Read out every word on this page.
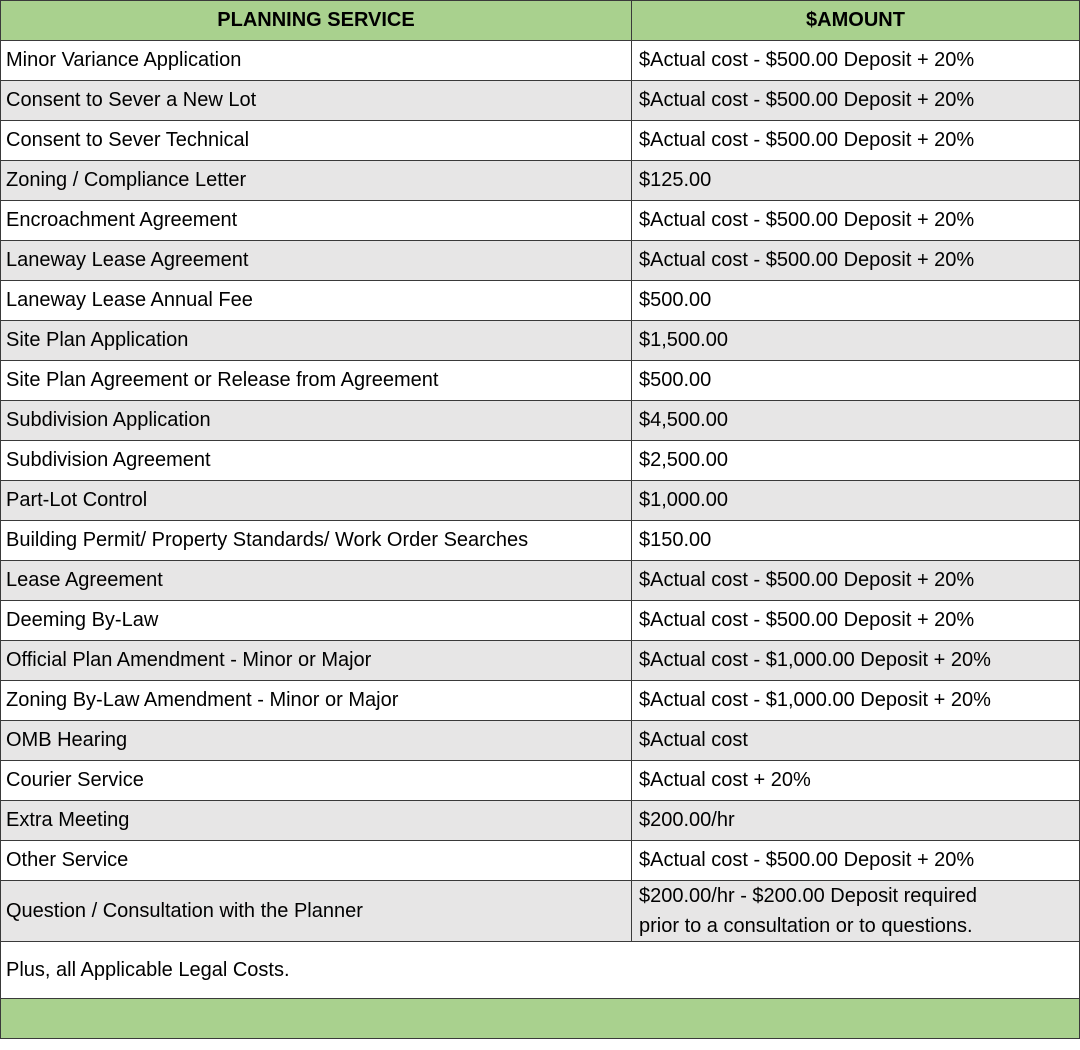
PLANNING SERVICE	$AMOUNT
Minor Variance Application	$Actual cost - $500.00 Deposit + 20%
Consent to Sever a New Lot	$Actual cost - $500.00 Deposit + 20%
Consent to Sever Technical	$Actual cost - $500.00 Deposit + 20%
Zoning / Compliance Letter	$125.00
Encroachment Agreement	$Actual cost - $500.00 Deposit + 20%
Laneway Lease Agreement	$Actual cost - $500.00 Deposit + 20%
Laneway Lease Annual Fee	$500.00
Site Plan Application	$1,500.00
Site Plan Agreement or Release from Agreement	$500.00
Subdivision Application	$4,500.00
Subdivision Agreement	$2,500.00
Part-Lot Control	$1,000.00
Building Permit/ Property Standards/ Work Order Searches	$150.00
Lease Agreement	$Actual cost - $500.00 Deposit + 20%
Deeming By-Law	$Actual cost - $500.00 Deposit + 20%
Official Plan Amendment - Minor or Major	$Actual cost - $1,000.00 Deposit + 20%
Zoning By-Law Amendment - Minor or Major	$Actual cost - $1,000.00 Deposit + 20%
OMB Hearing	$Actual cost
Courier Service	$Actual cost + 20%
Extra Meeting	$200.00/hr
Other Service	$Actual cost - $500.00 Deposit + 20%
Question / Consultation with the Planner	$200.00/hr - $200.00 Deposit required
prior to a consultation or to questions.

Plus, all Applicable Legal Costs.	
